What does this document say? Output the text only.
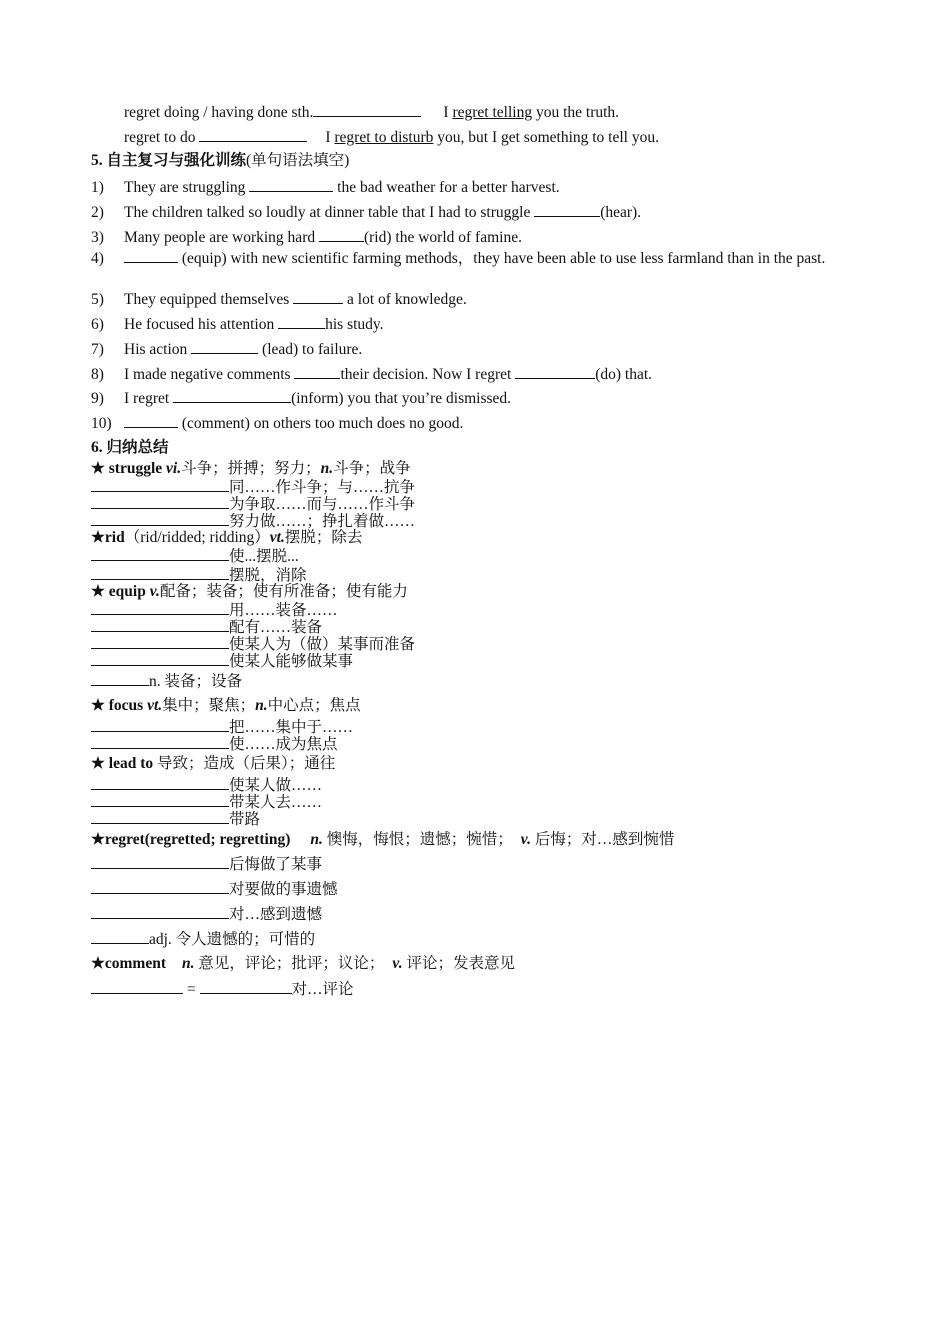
regret doing / having done sth.	I regret telling you the truth.
regret to do	I regret to disturb you, but I get something to tell you.
5. 自主复习与强化训练(单句语法填空)
1) They are struggling	the bad weather for a better harvest.
2) The children talked so loudly at dinner table that I had to struggle	(hear).
3) Many people are working hard	(rid) the world of famine.
4)	(equip) with new scientific farming methods，they have been able to use less farmland than in the past.
5) They equipped themselves	a lot of knowledge.
6) He focused his attention	his study.
7) His action	(lead) to failure.
8) I made negative comments	their decision. Now I regret	(do) that.
9) I regret	(inform) you that you’re dismissed.
10)	(comment) on others too much does no good.
6. 归纳总结
★ struggle vi.斗争；拼搏；努力；n.斗争；战争
同……作斗争；与……抗争
为争取……而与……作斗争
努力做……；挣扎着做……
★rid（rid/ridded; ridding）vt.摆脱；除去
使...摆脱...
摆脱，消除
★ equip v.配备；装备；使有所准备；使有能力
用……装备……
配有……装备
使某人为（做）某事而准备
使某人能够做某事
n. 装备；设备
★ focus vt.集中；聚焦；n.中心点；焦点
把……集中于……
使……成为焦点
★ lead to 导致；造成（后果）；通往
使某人做……
带某人去……
带路
★regret(regretted; regretting) n. 懊悔，悔恨；遗憾；惋惜； v. 后悔；对…感到惋惜
后悔做了某事
对要做的事遗憾
对…感到遗憾
adj. 令人遗憾的；可惜的
★comment n. 意见，评论；批评；议论； v. 评论；发表意见
=	对…评论
